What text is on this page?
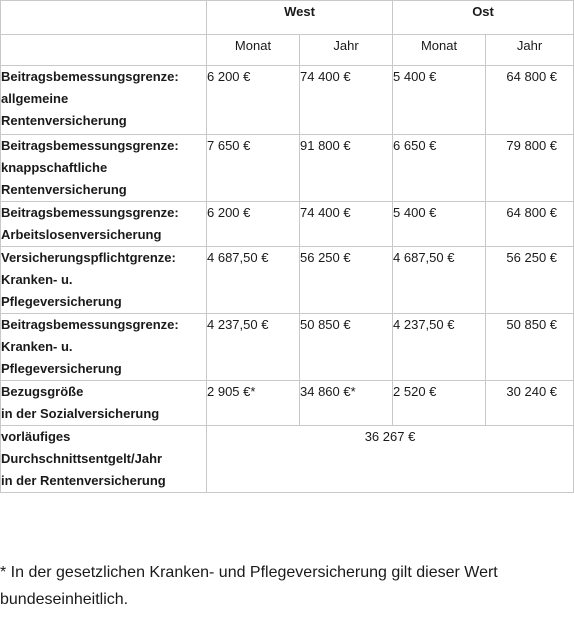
	West		Ost	
	Monat	Jahr	Monat	Jahr

Beitragsbemessungsgrenze:
allgemeine
Rentenversicherung	6 200 €	74 400 €	5 400 €	64 800 €

Beitragsbemessungsgrenze:
knappschaftliche
Rentenversicherung	7 650 €	91 800 €	6 650 €	79 800 €

Beitragsbemessungsgrenze:
Arbeitslosenversicherung	6 200 €	74 400 €	5 400 €	64 800 €

Versicherungspflichtgrenze:
Kranken- u.
Pflegeversicherung	4 687,50 €	56 250 €	4 687,50 €	56 250 €

Beitragsbemessungsgrenze:
Kranken- u.
Pflegeversicherung	4 237,50 €	50 850 €	4 237,50 €	50 850 €

Bezugsgröße
in der Sozialversicherung	2 905 €*	34 860 €*	2 520 €	30 240 €

vorläufiges
Durchschnittsentgelt/Jahr
in der Rentenversicherung	36 267 €			

* In der gesetzlichen Kranken- und Pflegeversicherung gilt dieser Wert
bundeseinheitlich.
